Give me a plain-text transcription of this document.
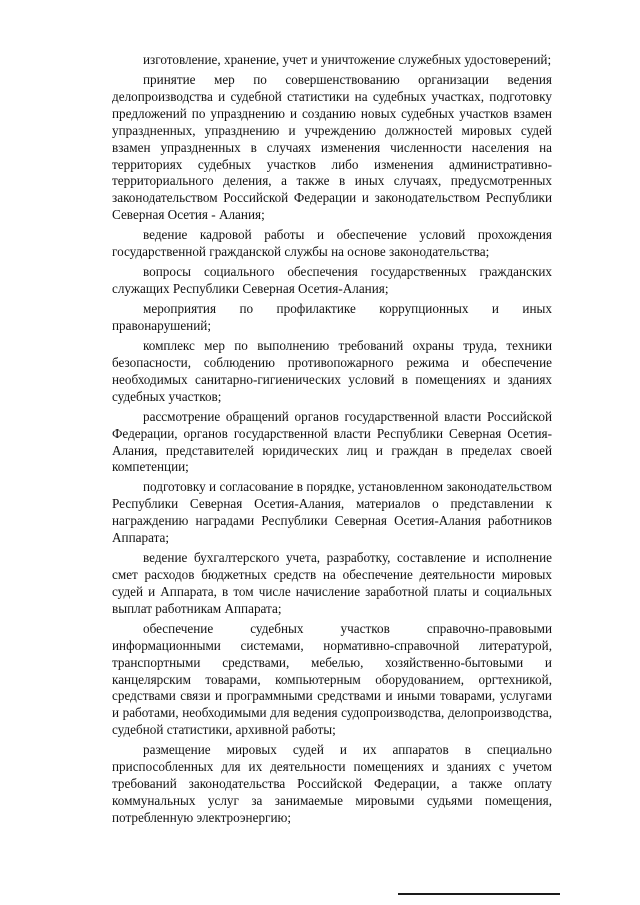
изготовление, хранение, учет и уничтожение служебных удостоверений;

принятие мер по совершенствованию организации ведения делопроизводства и судебной статистики на судебных участках, подготовку предложений по упразднению и созданию новых судебных участков взамен упраздненных, упразднению и учреждению должностей мировых судей взамен упраздненных в случаях изменения численности населения на территориях судебных участков либо изменения административно-территориального деления, а также в иных случаях, предусмотренных законодательством Российской Федерации и законодательством Республики Северная Осетия - Алания;

ведение кадровой работы и обеспечение условий прохождения государственной гражданской службы на основе законодательства;

вопросы социального обеспечения государственных гражданских служащих Республики Северная Осетия-Алания;

мероприятия по профилактике коррупционных и иных правонарушений;

комплекс мер по выполнению требований охраны труда, техники безопасности, соблюдению противопожарного режима и обеспечение необходимых санитарно-гигиенических условий в помещениях и зданиях судебных участков;

рассмотрение обращений органов государственной власти Российской Федерации, органов государственной власти Республики Северная Осетия-Алания, представителей юридических лиц и граждан в пределах своей компетенции;

подготовку и согласование в порядке, установленном законодательством Республики Северная Осетия-Алания, материалов о представлении к награждению наградами Республики Северная Осетия-Алания работников Аппарата;

ведение бухгалтерского учета, разработку, составление и исполнение смет расходов бюджетных средств на обеспечение деятельности мировых судей и Аппарата, в том числе начисление заработной платы и социальных выплат работникам Аппарата;

обеспечение судебных участков справочно-правовыми информационными системами, нормативно-справочной литературой, транспортными средствами, мебелью, хозяйственно-бытовыми и канцелярским товарами, компьютерным оборудованием, оргтехникой, средствами связи и программными средствами и иными товарами, услугами и работами, необходимыми для ведения судопроизводства, делопроизводства, судебной статистики, архивной работы;

размещение мировых судей и их аппаратов в специально приспособленных для их деятельности помещениях и зданиях с учетом требований законодательства Российской Федерации, а также оплату коммунальных услуг за занимаемые мировыми судьями помещения, потребленную электроэнергию;
